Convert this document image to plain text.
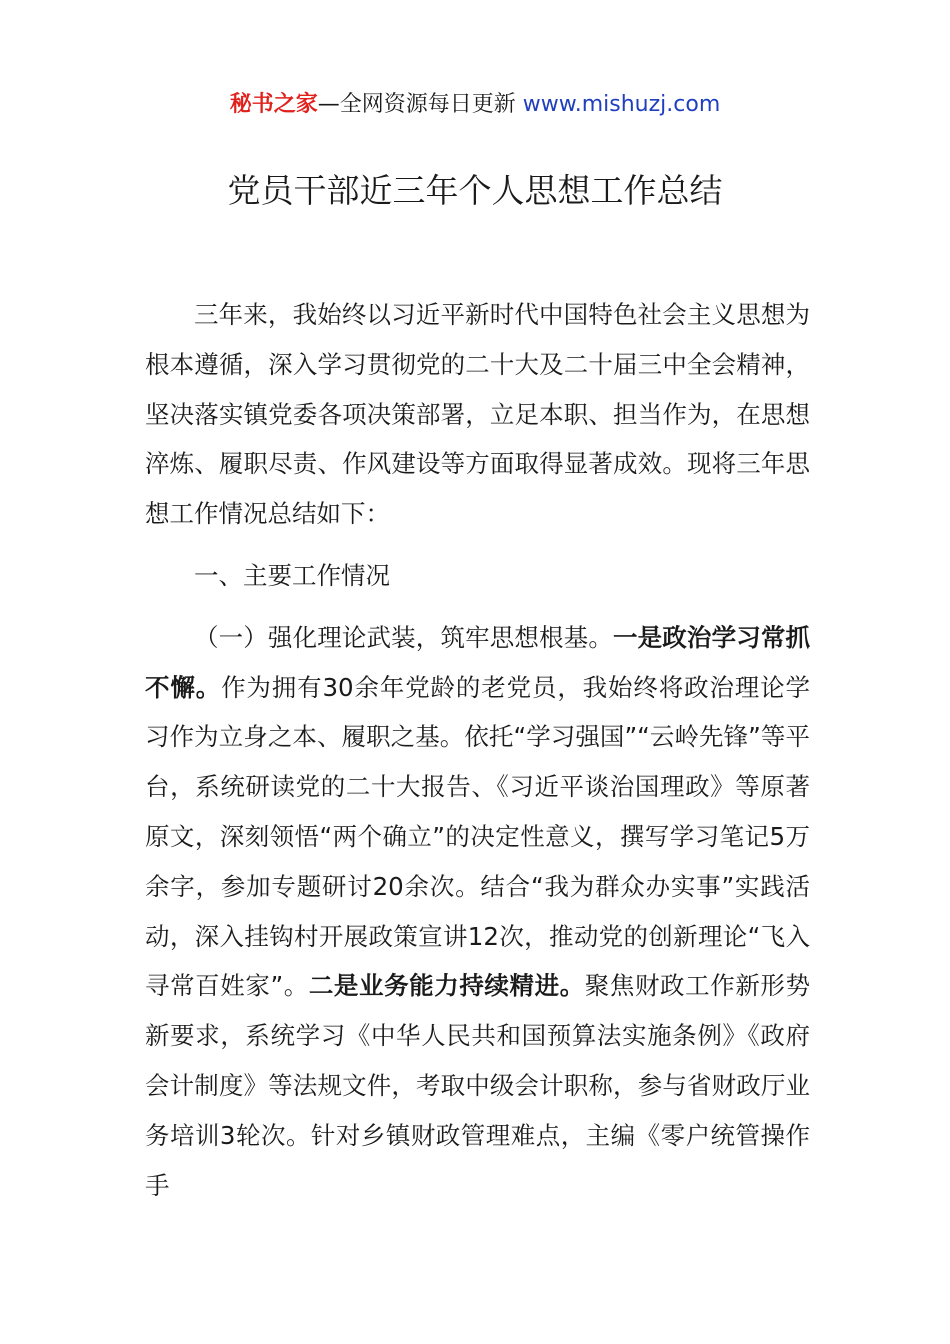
秘书之家—全网资源每日更新 www.mishuzj.com
党员干部近三年个人思想工作总结

三年来，我始终以习近平新时代中国特色社会主义思想为根本遵循，深入学习贯彻党的二十大及二十届三中全会精神，坚决落实镇党委各项决策部署，立足本职、担当作为，在思想淬炼、履职尽责、作风建设等方面取得显著成效。现将三年思想工作情况总结如下：

一、主要工作情况

（一）强化理论武装，筑牢思想根基。一是政治学习常抓不懈。作为拥有30余年党龄的老党员，我始终将政治理论学习作为立身之本、履职之基。依托“学习强国”“云岭先锋”等平台，系统研读党的二十大报告、《习近平谈治国理政》等原著原文，深刻领悟“两个确立”的决定性意义，撰写学习笔记5万余字，参加专题研讨20余次。结合“我为群众办实事”实践活动，深入挂钩村开展政策宣讲12次，推动党的创新理论“飞入寻常百姓家”。二是业务能力持续精进。聚焦财政工作新形势新要求，系统学习《中华人民共和国预算法实施条例》《政府会计制度》等法规文件，考取中级会计职称，参与省财政厅业务培训3轮次。针对乡镇财政管理难点，主编《零户统管操作手
